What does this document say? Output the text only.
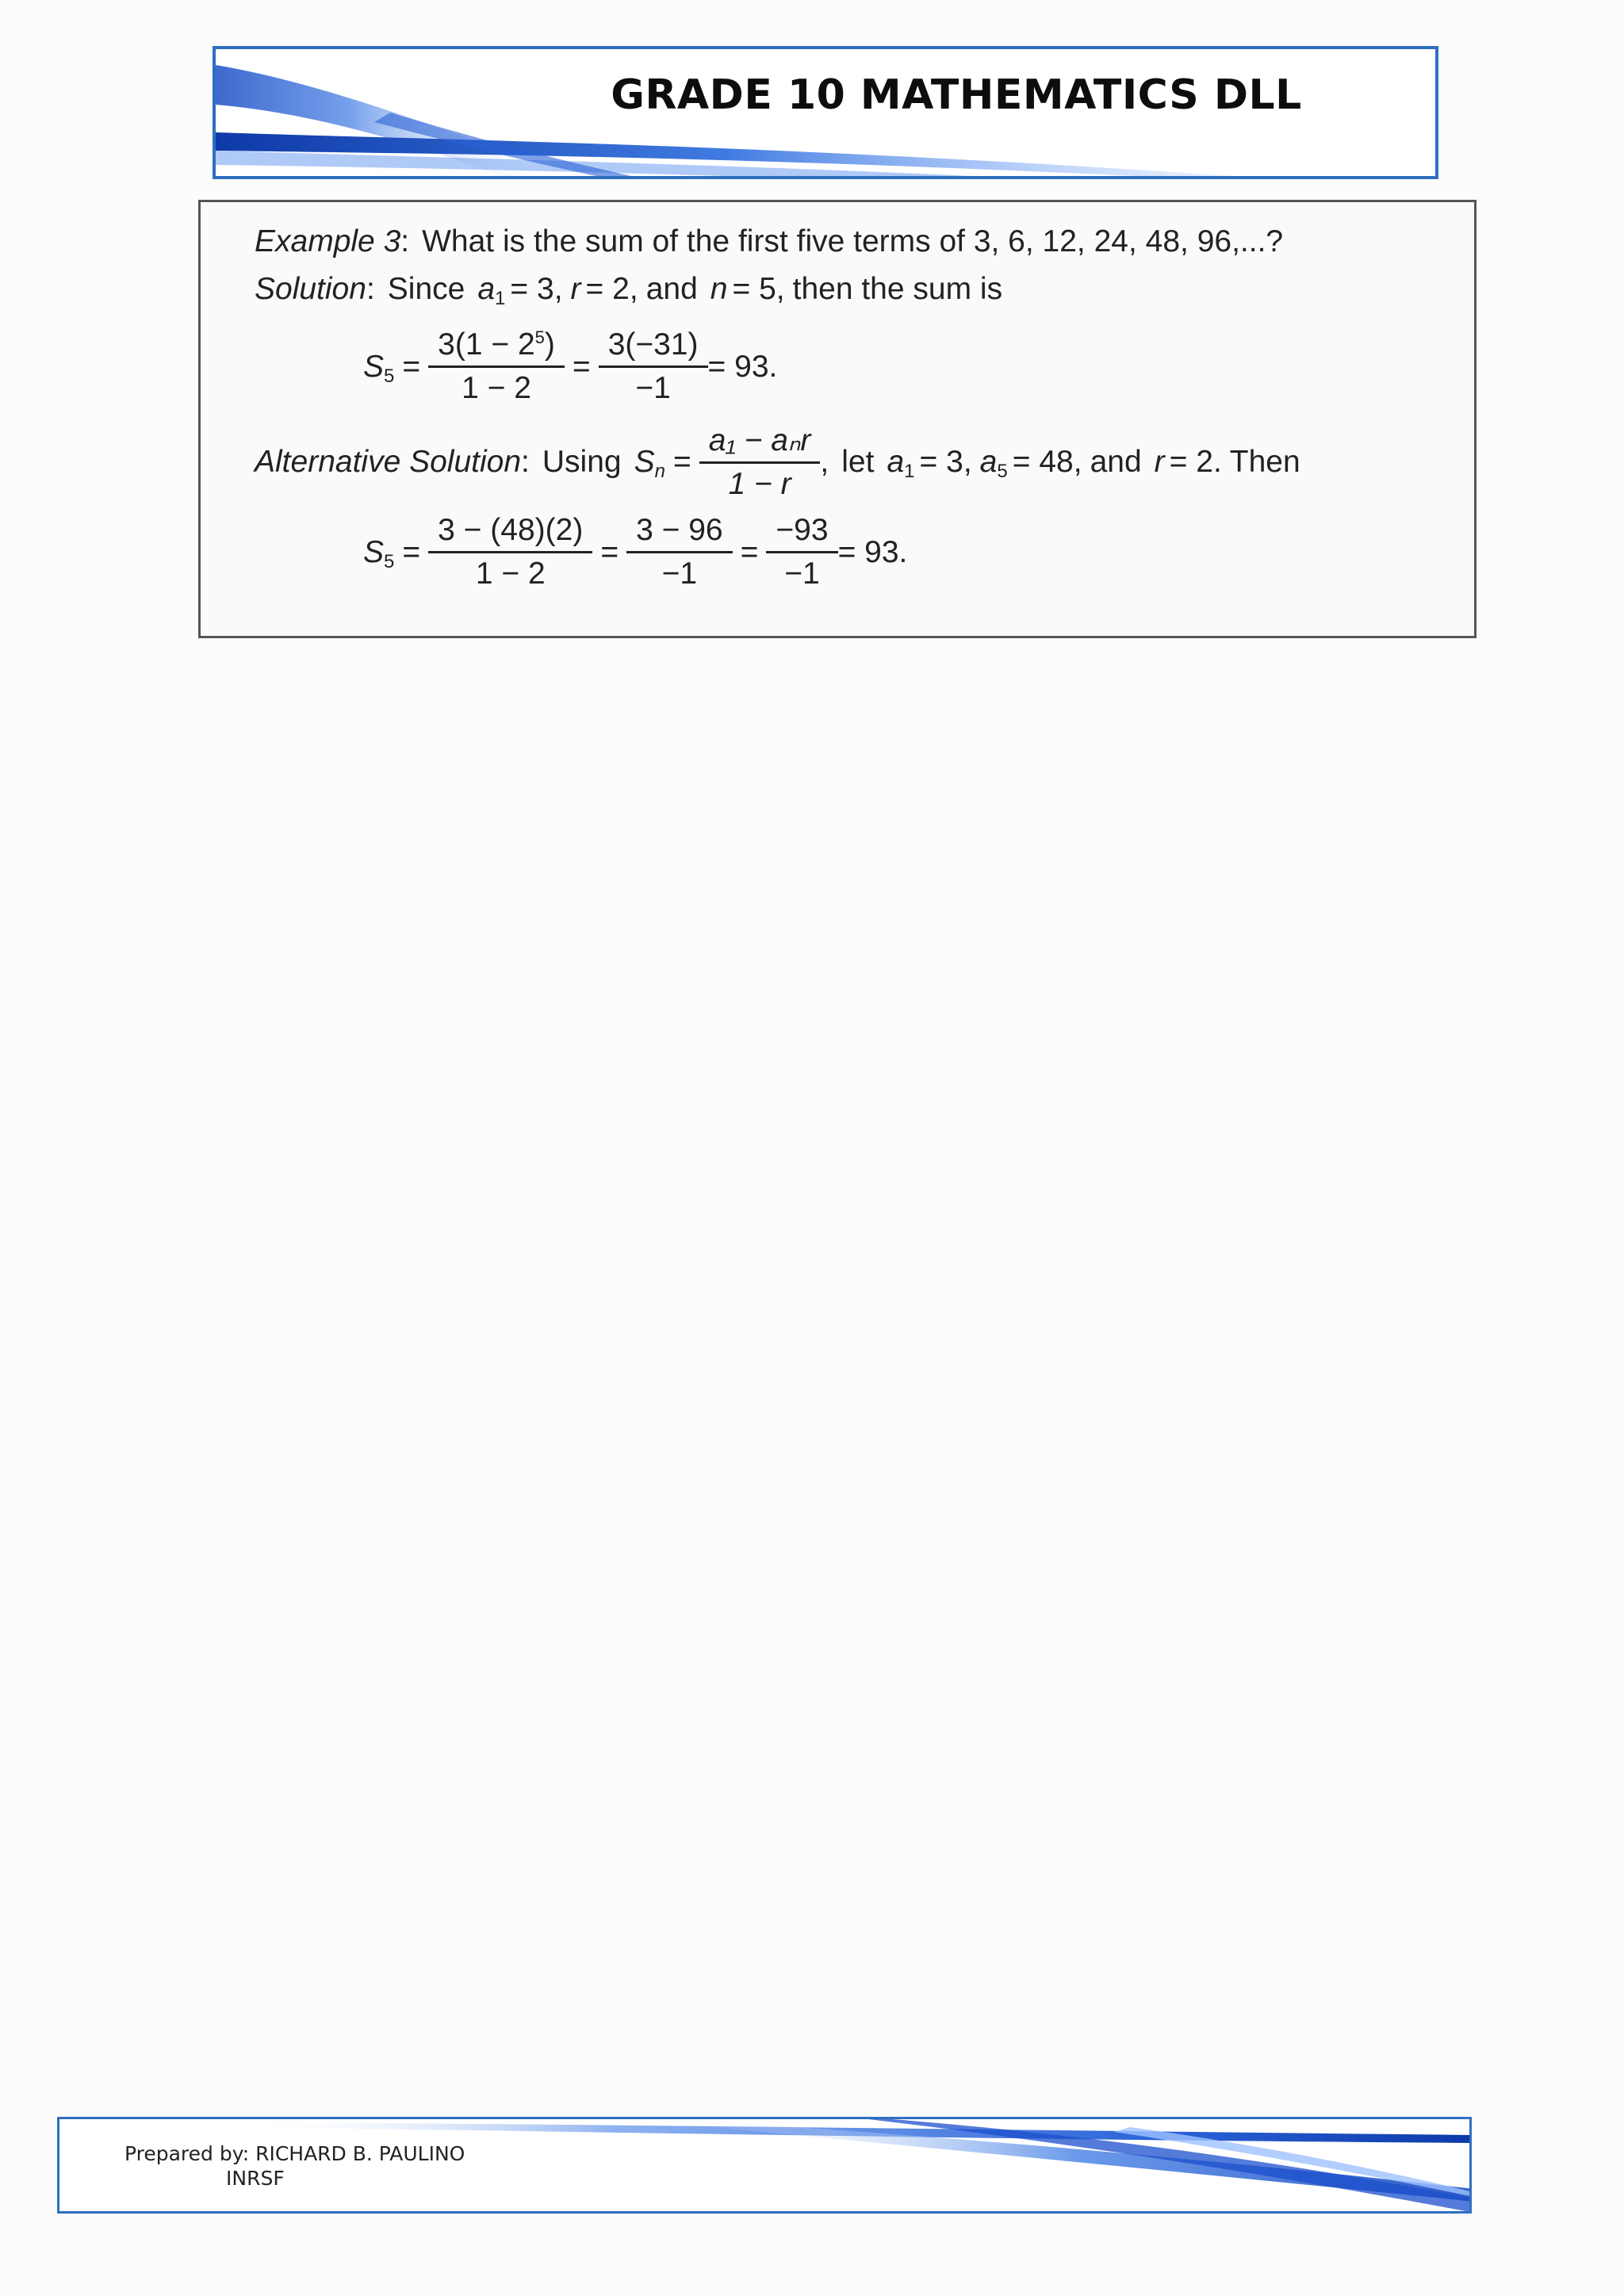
GRADE 10 MATHEMATICS DLL
Example 3 : What is the sum of the first five terms of 3, 6, 12, 24, 48, 96,...?
Solution : Since a 1 = 3, r = 2, and n = 5, then the sum is
S $5 = \frac{3(1 - 2^5)}{1 - 2} = \frac{3(-31)}{-1} = 93$.
Alternative Solution : Using S $n = \frac{\text{a₁ − aₙr}}{1 - r}$ , let a 1 = 3, a 5 = 48, and r = 2. Then
S $5 = \frac{3 - (48)(2)}{1 - 2} = \frac{3 - 96}{-1} = \frac{-93}{-1} = 93$.
Prepared by: RICHARD B. PAULINO
INRSF
